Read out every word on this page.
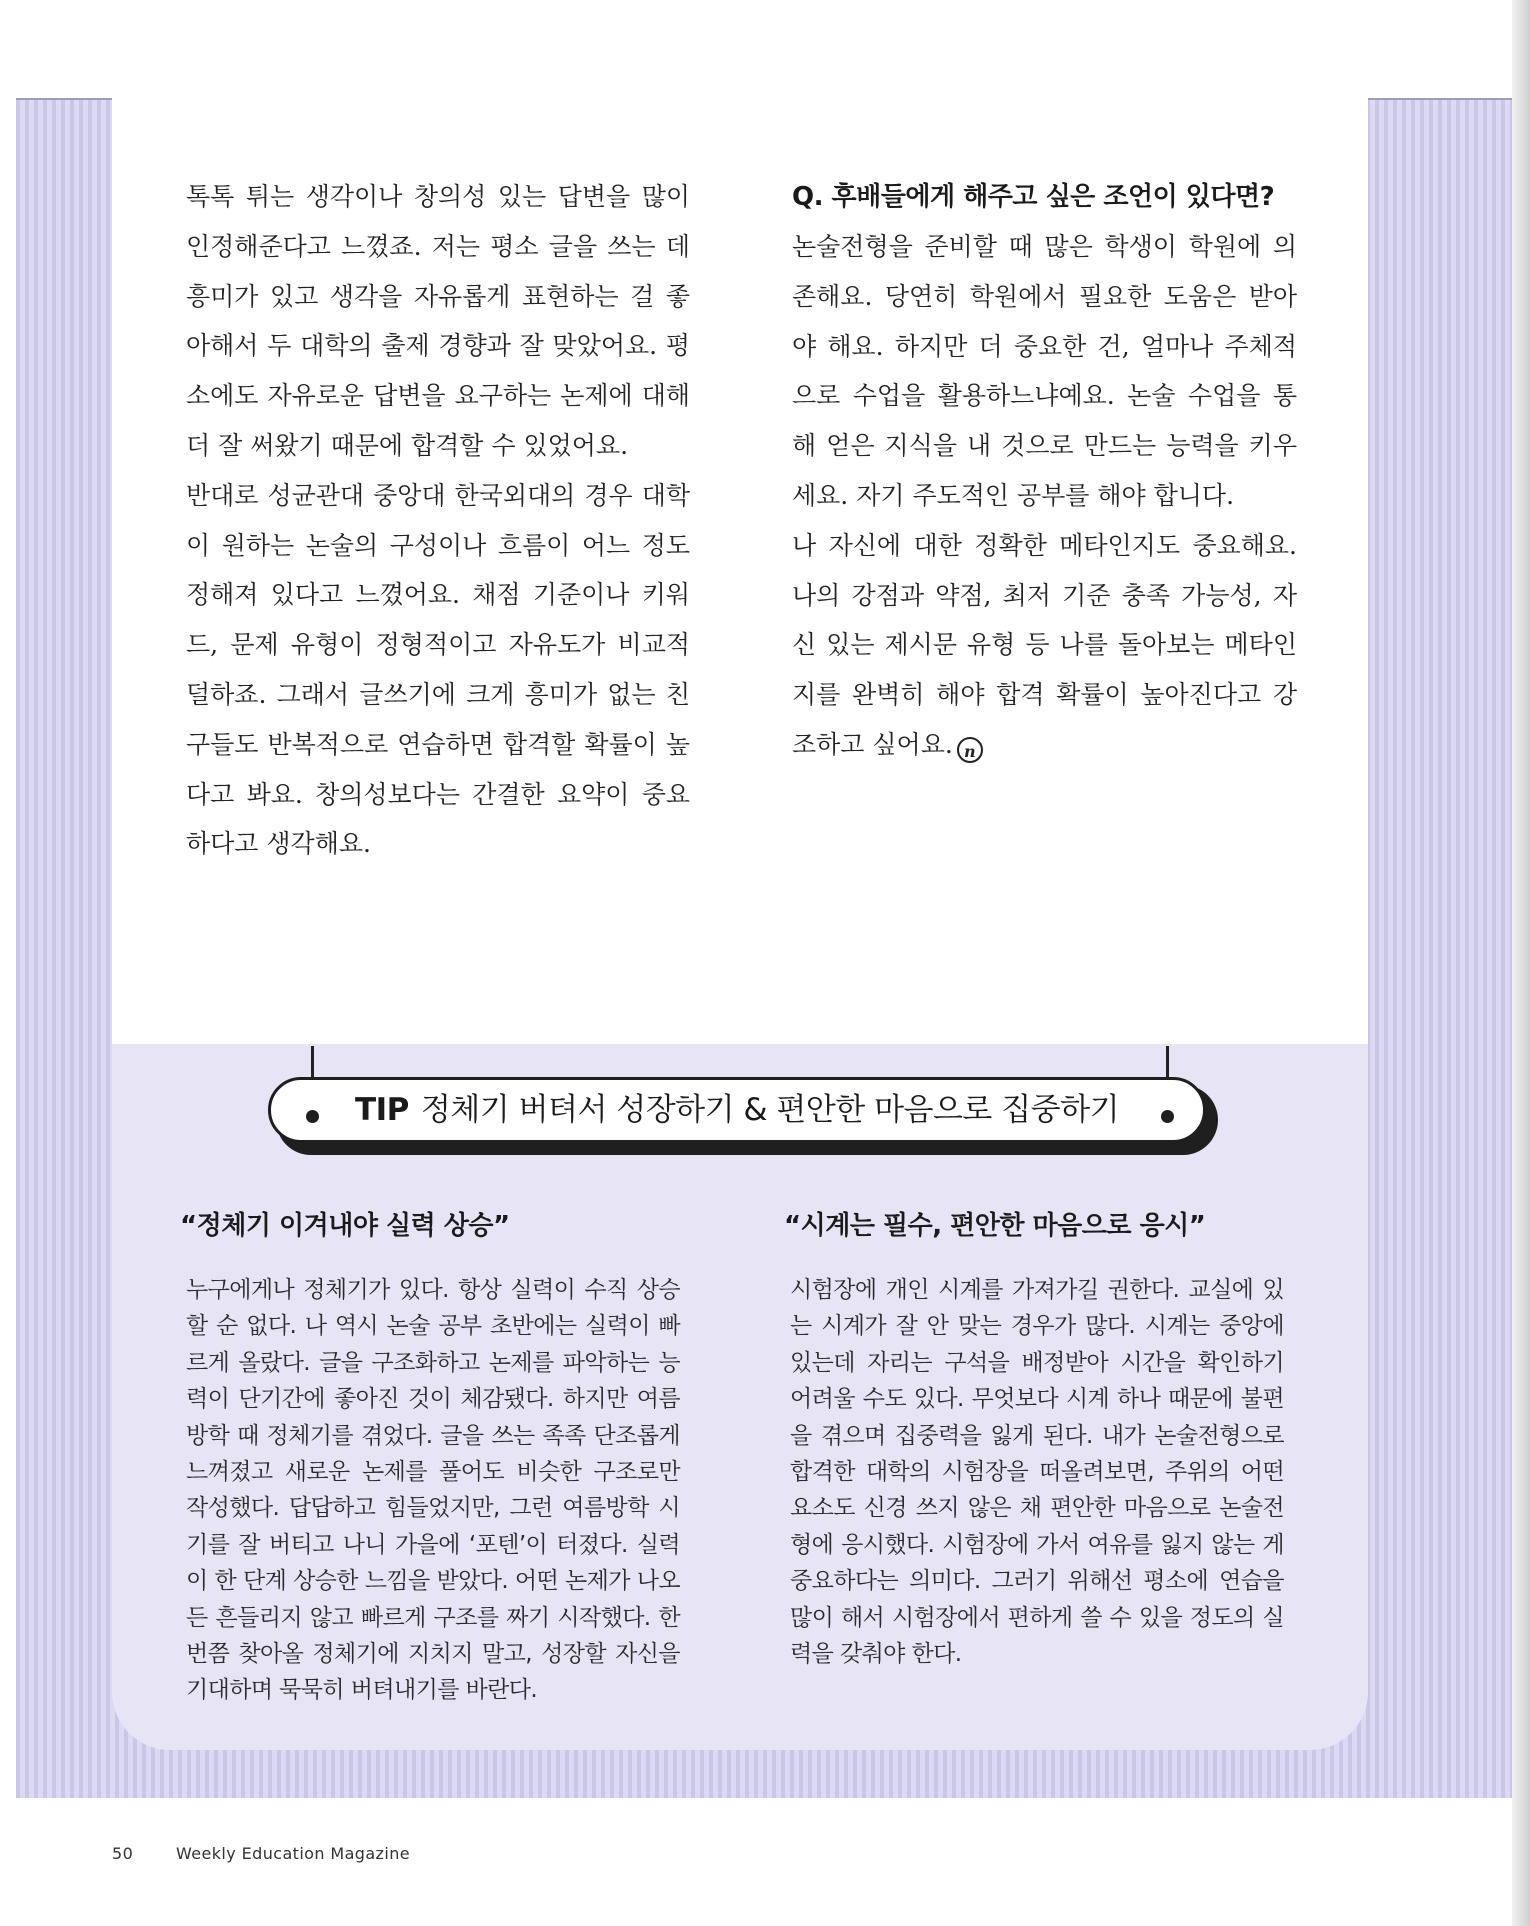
톡톡 튀는 생각이나 창의성 있는 답변을 많이 인정해준다고 느꼈죠. 저는 평소 글을 쓰는 데 흥미가 있고 생각을 자유롭게 표현하는 걸 좋아해서 두 대학의 출제 경향과 잘 맞았어요. 평소에도 자유로운 답변을 요구하는 논제에 대해 더 잘 써왔기 때문에 합격할 수 있었어요.

반대로 성균관대 중앙대 한국외대의 경우 대학이 원하는 논술의 구성이나 흐름이 어느 정도 정해져 있다고 느꼈어요. 채점 기준이나 키워드, 문제 유형이 정형적이고 자유도가 비교적 덜하죠. 그래서 글쓰기에 크게 흥미가 없는 친구들도 반복적으로 연습하면 합격할 확률이 높다고 봐요. 창의성보다는 간결한 요약이 중요하다고 생각해요.

Q. 후배들에게 해주고 싶은 조언이 있다면?

논술전형을 준비할 때 많은 학생이 학원에 의존해요. 당연히 학원에서 필요한 도움은 받아야 해요. 하지만 더 중요한 건, 얼마나 주체적으로 수업을 활용하느냐예요. 논술 수업을 통해 얻은 지식을 내 것으로 만드는 능력을 키우세요. 자기 주도적인 공부를 해야 합니다.

나 자신에 대한 정확한 메타인지도 중요해요. 나의 강점과 약점, 최저 기준 충족 가능성, 자신 있는 제시문 유형 등 나를 돌아보는 메타인지를 완벽히 해야 합격 확률이 높아진다고 강조하고 싶어요. n

TIP 정체기 버텨서 성장하기 & 편안한 마음으로 집중하기

“정체기 이겨내야 실력 상승”

누구에게나 정체기가 있다. 항상 실력이 수직 상승할 순 없다. 나 역시 논술 공부 초반에는 실력이 빠르게 올랐다. 글을 구조화하고 논제를 파악하는 능력이 단기간에 좋아진 것이 체감됐다. 하지만 여름방학 때 정체기를 겪었다. 글을 쓰는 족족 단조롭게 느껴졌고 새로운 논제를 풀어도 비슷한 구조로만 작성했다. 답답하고 힘들었지만, 그런 여름방학 시기를 잘 버티고 나니 가을에 ‘포텐’이 터졌다. 실력이 한 단계 상승한 느낌을 받았다. 어떤 논제가 나오든 흔들리지 않고 빠르게 구조를 짜기 시작했다. 한 번쯤 찾아올 정체기에 지치지 말고, 성장할 자신을 기대하며 묵묵히 버텨내기를 바란다.

“시계는 필수, 편안한 마음으로 응시”

시험장에 개인 시계를 가져가길 권한다. 교실에 있는 시계가 잘 안 맞는 경우가 많다. 시계는 중앙에 있는데 자리는 구석을 배정받아 시간을 확인하기 어려울 수도 있다. 무엇보다 시계 하나 때문에 불편을 겪으며 집중력을 잃게 된다. 내가 논술전형으로 합격한 대학의 시험장을 떠올려보면, 주위의 어떤 요소도 신경 쓰지 않은 채 편안한 마음으로 논술전형에 응시했다. 시험장에 가서 여유를 잃지 않는 게 중요하다는 의미다. 그러기 위해선 평소에 연습을 많이 해서 시험장에서 편하게 쓸 수 있을 정도의 실력을 갖춰야 한다.

50	Weekly Education Magazine
